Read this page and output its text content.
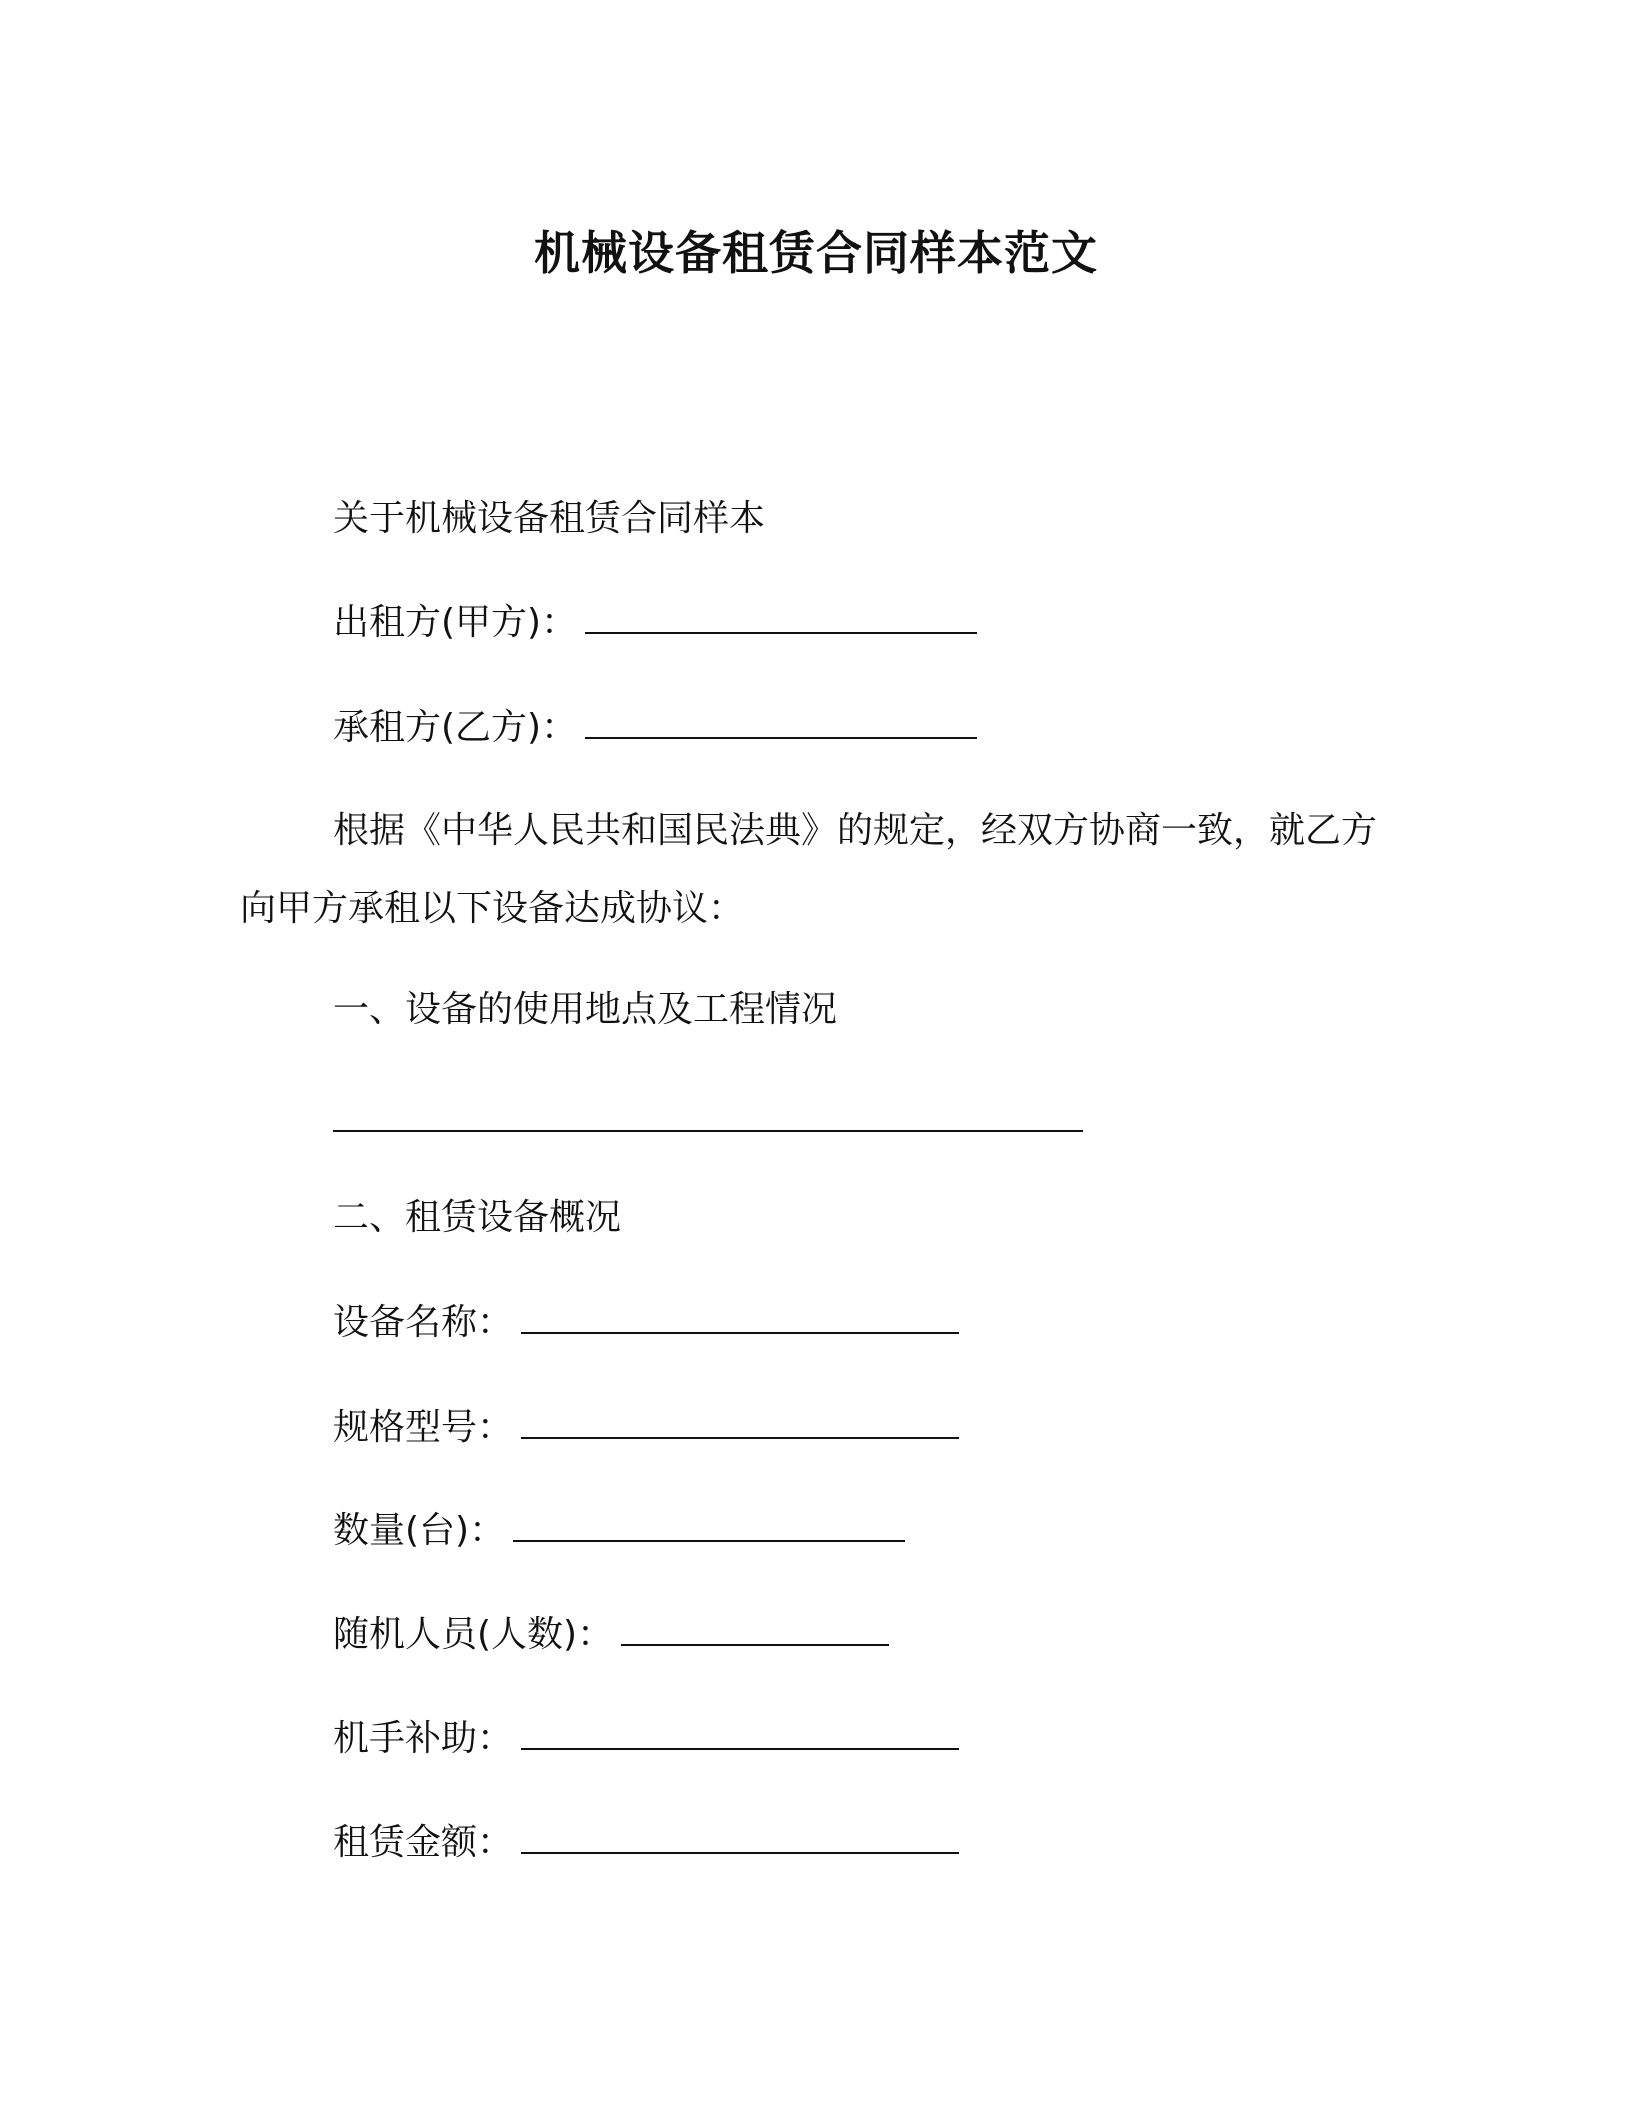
机械设备租赁合同样本范文
关于机械设备租赁合同样本
出租方(甲方)：
承租方(乙方)：
根据《中华人民共和国民法典》的规定，经双方协商一致，就乙方向甲方承租以下设备达成协议：
一、设备的使用地点及工程情况
二、租赁设备概况
设备名称：
规格型号：
数量(台)：
随机人员(人数)：
机手补助：
租赁金额：
